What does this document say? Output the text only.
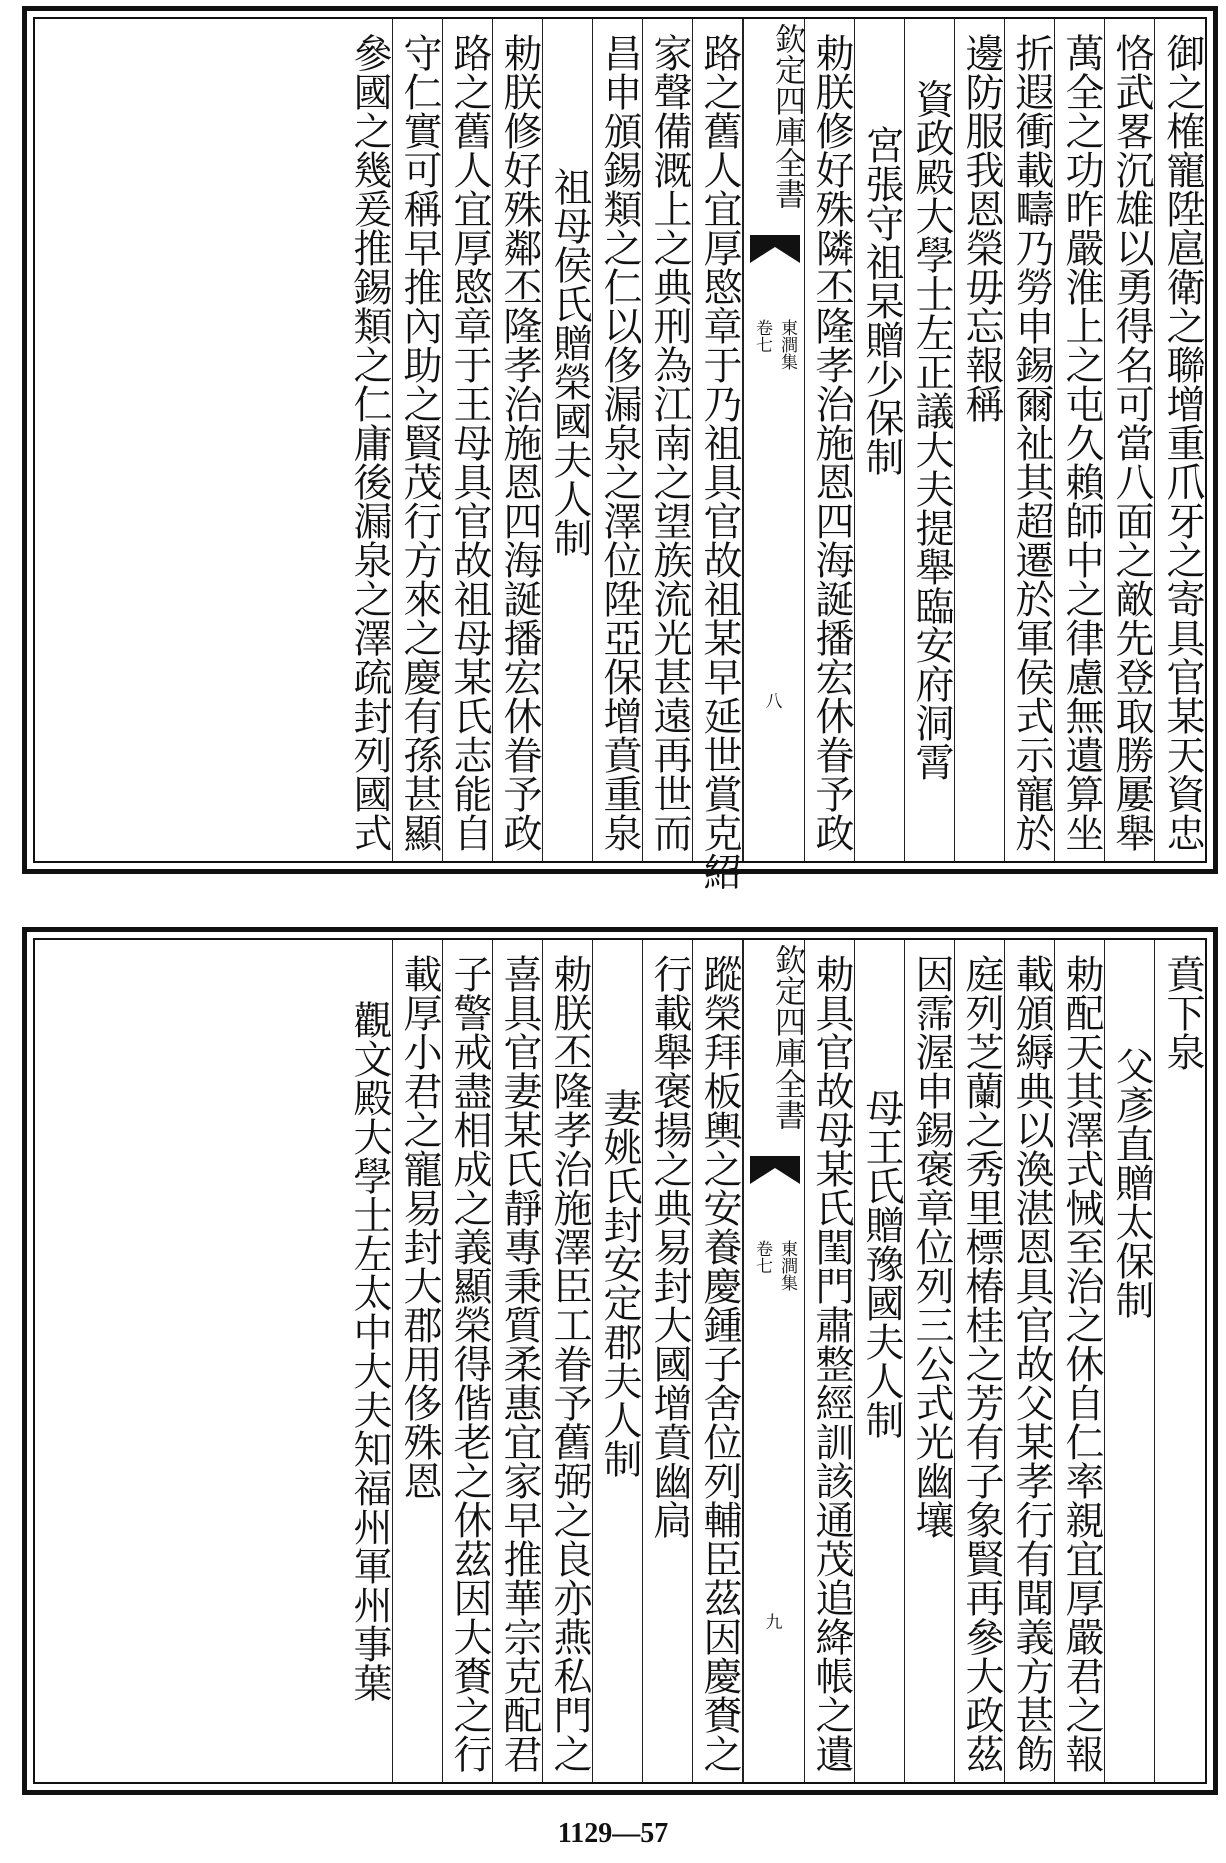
御之榷寵陞扈衛之聯增重爪牙之寄具官某天資忠
恪武畧沉雄以勇得名可當八面之敵先登取勝屢舉
萬全之功昨嚴淮上之屯久賴師中之律慮無遺算坐
折遐衝載疇乃勞申錫爾祉其超遷於軍侯式示寵於
邊防服我恩榮毋忘報稱
資政殿大學士左正議大夫提舉臨安府洞霄
宮張守祖杲贈少保制
勅朕修好殊隣丕隆孝治施恩四海誕播宏休眷予政
欽定四庫全書
東澗集
卷七
八
路之舊人宜厚愍章于乃祖具官故祖某早延世賞克紹
家聲備溉上之典刑為江南之望族流光甚遠再世而
昌申頒錫類之仁以侈漏泉之澤位陞亞保增賁重泉
祖母侯氏贈榮國夫人制
勅朕修好殊鄰丕隆孝治施恩四海誕播宏休眷予政
路之舊人宜厚愍章于王母具官故祖母某氏志能自
守仁實可稱早推內助之賢茂行方來之慶有孫甚顯
參國之幾爰推錫類之仁庸後漏泉之澤疏封列國式
賁下泉
父彥直贈太保制
勅配天其澤式悈至治之休自仁率親宜厚嚴君之報
載頒縟典以渙湛恩具官故父某孝行有聞義方甚飭
庭列芝蘭之秀里標椿桂之芳有子象賢再參大政茲
因霈渥申錫褒章位列三公式光幽壤
母王氏贈豫國夫人制
勅具官故母某氏閨門肅整經訓該通茂追絳帳之遺
欽定四庫全書
東澗集
卷七
九
蹤榮拜板輿之安養慶鍾子舍位列輔臣茲因慶賚之
行載舉褒揚之典易封大國增賁幽扃
妻姚氏封安定郡夫人制
勅朕丕隆孝治施澤臣工眷予舊弼之良亦燕私門之
喜具官妻某氏靜專秉質柔惠宜家早推華宗克配君
子警戒盡相成之義顯榮得偕老之休茲因大賚之行
載厚小君之寵易封大郡用侈殊恩
觀文殿大學士左太中大夫知福州軍州事葉
1129—57
